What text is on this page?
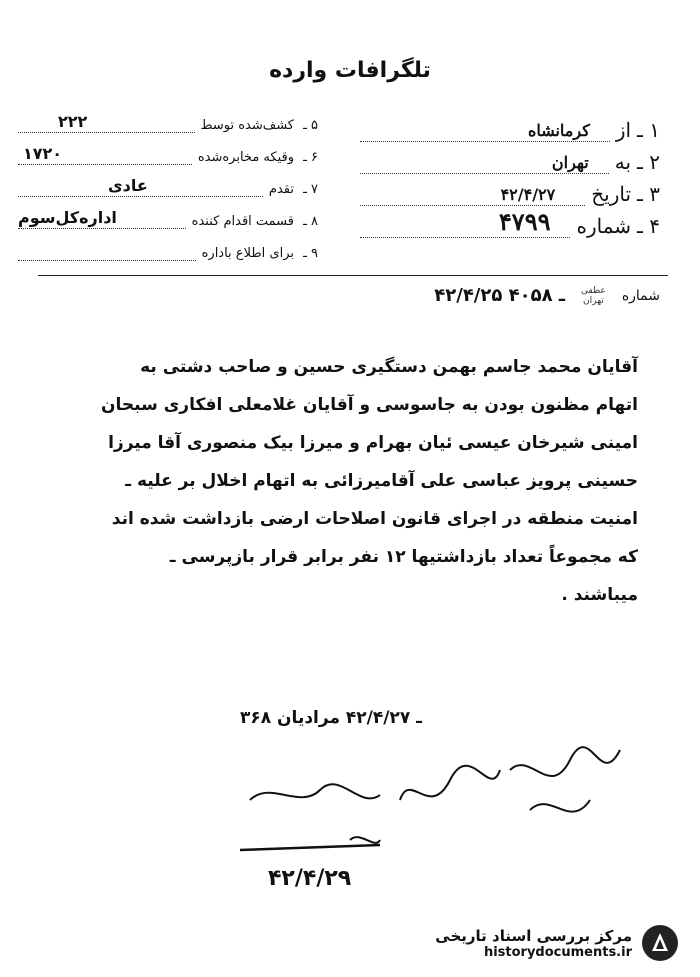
تلگرافات وارده
۱ ـ
از
کرمانشاه
۲ ـ
به
تهران
۳ ـ
تاریخ
۴۲/۴/۲۷
۴ ـ
شماره
۴۷۹۹
۵ ـ
کشف‌شده توسط
۲۲۲
۶ ـ
وقیکه مخابره‌شده
۱۷۲۰
۷ ـ
تقدم
عادی
۸ ـ
قسمت اقدام کننده
اداره‌کل‌سوم
۹ ـ
برای اطلاع باداره
شماره
عطفی
تهران
۴۲/۴/۲۵ ـ ۴۰۵۸
آقایان محمد جاسم بهمن دستگیری حسین و صاحب دشتی به
اتهام مظنون بودن به جاسوسی و آقایان غلامعلی افکاری سبحان
امینی شیرخان عیسی ئیان بهرام و میرزا بیک منصوری آقا میرزا
حسینی پرویز عباسی علی آقامیرزائی به اتهام اخلال بر علیه ـ
امنیت منطقه در اجرای قانون اصلاحات ارضی بازداشت شده اند
که مجموعاً تعداد بازداشتیها ۱۲ نفر برابر قرار بازپرسی ـ
میباشند .
۳۶۸ ـ ۴۲/۴/۲۷ مرادیان
۴۲/۴/۲۹
مرکز بررسی اسناد تاریخی
historydocuments.ir
